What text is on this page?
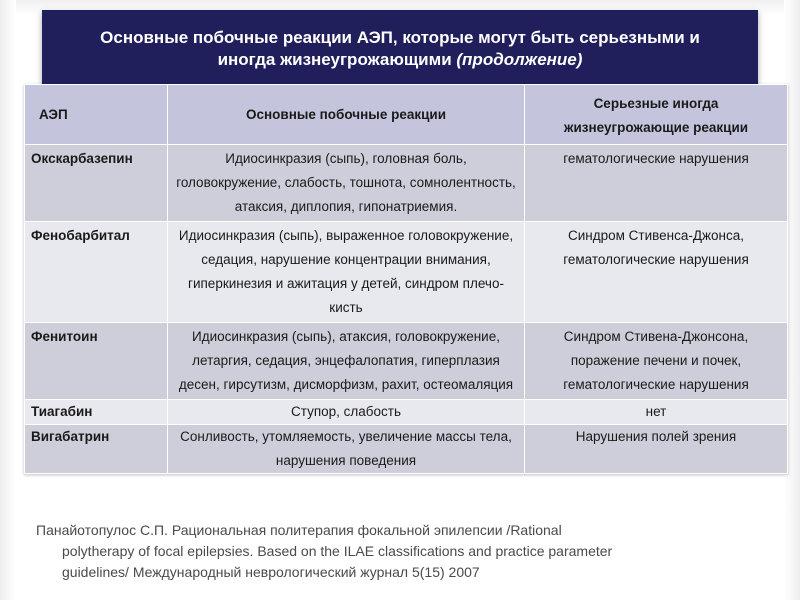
Панайотопулос С.П. Рациональная политерапия фокальной эпилепсии /Rational
polytherapy of focal epilepsies. Based on the ILAE classifications and practice parameter
guidelines/ Международный неврологический журнал 5(15) 2007
Основные побочные реакции АЭП, которые могут быть серьезными и
иногда жизнеугрожающими (продолжение)
АЭП	Основные побочные реакции	Серьезные иногда жизнеугрожающие реакции
Окскарбазепин	Идиосинкразия (сыпь), головная боль, головокружение, слабость, тошнота, сомнолентность, атаксия, диплопия, гипонатриемия.	гематологические нарушения
Фенобарбитал	Идиосинкразия (сыпь), выраженное головокружение, седация, нарушение концентрации внимания, гиперкинезия и ажитация у детей, синдром плечо-кисть	Синдром Стивенса-Джонса, гематологические нарушения
Фенитоин	Идиосинкразия (сыпь), атаксия, головокружение, летаргия, седация, энцефалопатия, гиперплазия десен, гирсутизм, дисморфизм, рахит, остеомаляция	Синдром Стивена-Джонсона, поражение печени и почек, гематологические нарушения
Тиагабин	Ступор, слабость	нет
Вигабатрин	Сонливость, утомляемость, увеличение массы тела, нарушения поведения	Нарушения полей зрения
